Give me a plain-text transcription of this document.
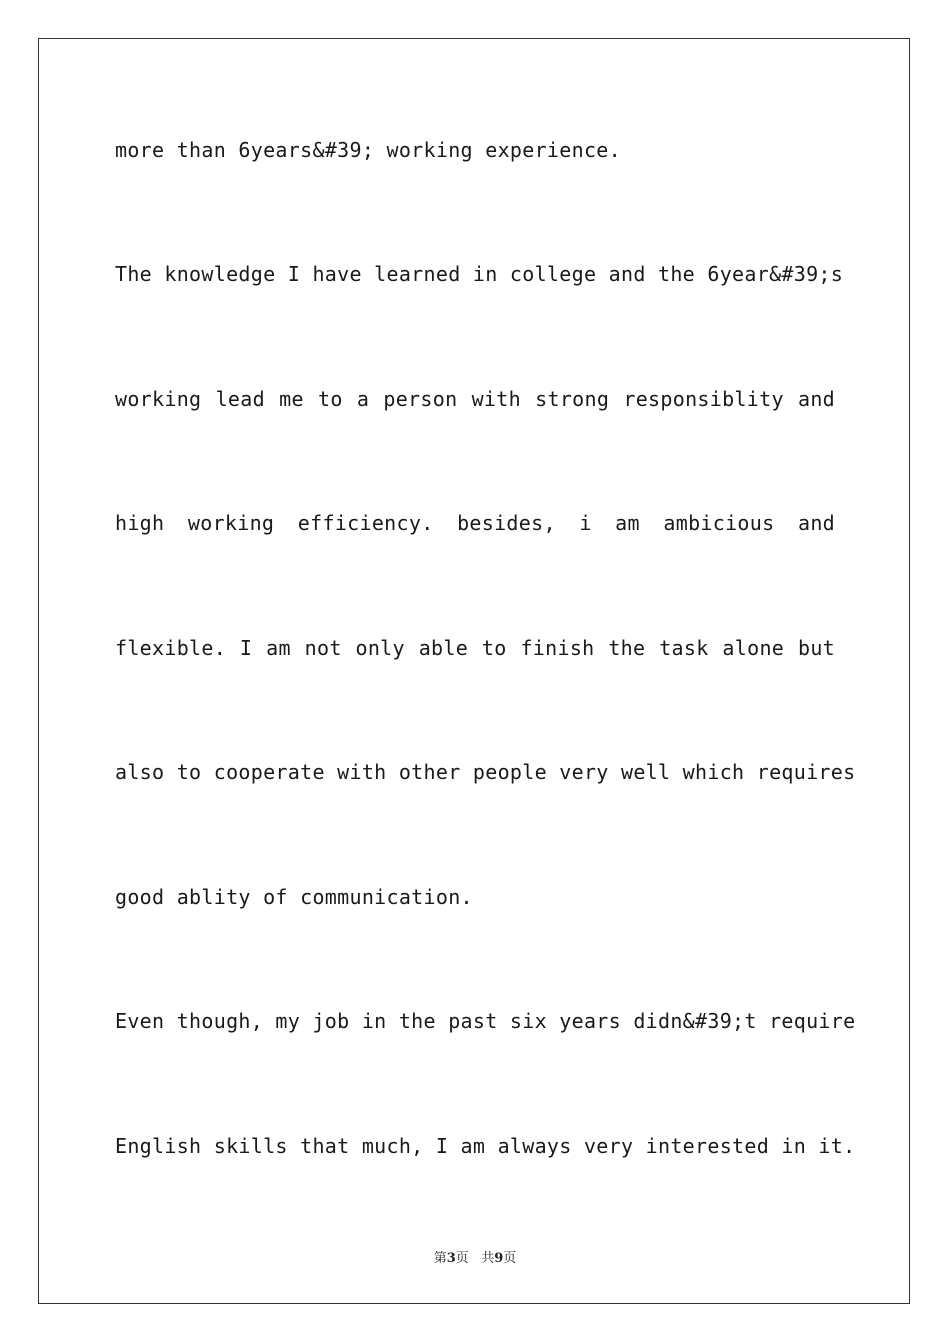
more than 6years&#39; working experience.
The knowledge I have learned in college and the 6year&#39;s
working lead me to a person with strong responsiblity and
high working efficiency. besides, i am ambicious and
flexible. I am not only able to finish the task alone but
also to cooperate with other people very well which requires
good ablity of communication.
Even though, my job in the past six years didn&#39;t require
English skills that much, I am always very interested in it.
第3页 共9页
